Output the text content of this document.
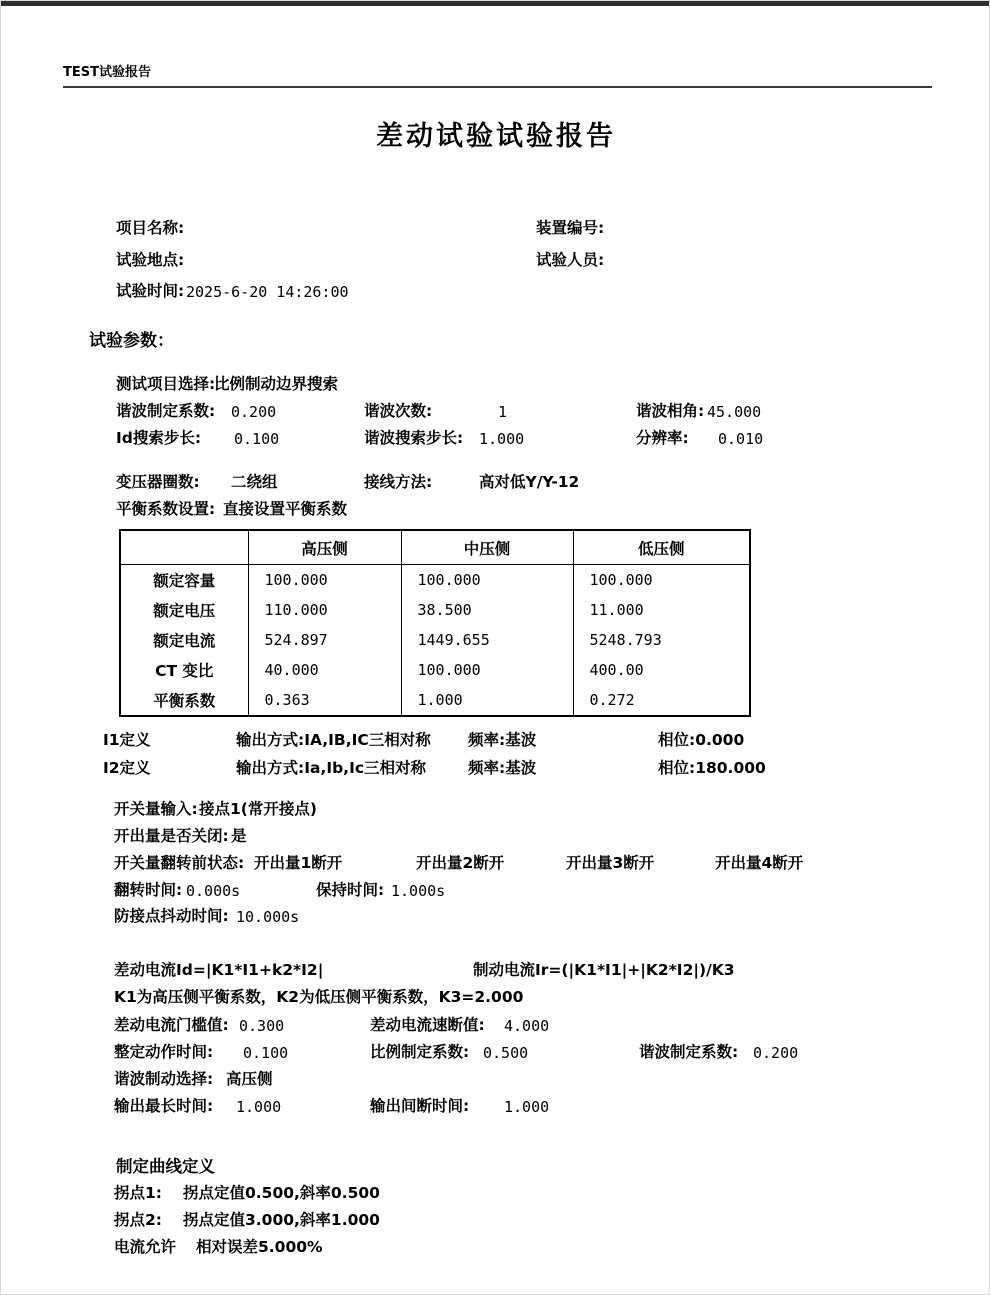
TEST试验报告
差动试验试验报告
项目名称:	装置编号:
试验地点:	试验人员:
试验时间: 2025-6-20 14:26:00
试验参数：
测试项目选择:
比例制动边界搜索
谐波制定系数: 0.200	谐波次数:	1	谐波相角: 45.000
Id搜索步长: 0.100	谐波搜索步长: 1.000	分辨率: 0.010
变压器圈数: 二绕组	接线方法:	高对低Y/Y-12
平衡系数设置: 直接设置平衡系数
	高压侧	中压侧	低压侧
额定容量	100.000	100.000	100.000
额定电压	110.000	38.500	11.000
额定电流	524.897	1449.655	5248.793
CT 变比	40.000	100.000	400.00
平衡系数	0.363	1.000	0.272
I1定义	输出方式:IA,IB,IC三相对称 频率:基波	相位:0.000
I2定义	输出方式:Ia,Ib,Ic三相对称	频率:基波	相位:180.000
开关量输入: 接点1(常开接点)
开出量是否关闭: 是
开关量翻转前状态: 开出量1断开	开出量2断开	开出量3断开	开出量4断开
翻转时间: 0.000s	保持时间: 1.000s
防接点抖动时间: 10.000s
差动电流Id=|K1*I1+k2*I2|	制动电流Ir=(|K1*I1|+|K2*I2|)/K3
K1为高压侧平衡系数，K2为低压侧平衡系数，K3=2.000
差动电流门槛值: 0.300	差动电流速断值: 4.000
整定动作时间: 0.100	比例制定系数: 0.500	谐波制定系数: 0.200
谐波制动选择: 高压侧
输出最长时间: 1.000	输出间断时间: 1.000
制定曲线定义
拐点1: 拐点定值0.500,斜率0.500
拐点2: 拐点定值3.000,斜率1.000
电流允许 相对误差5.000%
